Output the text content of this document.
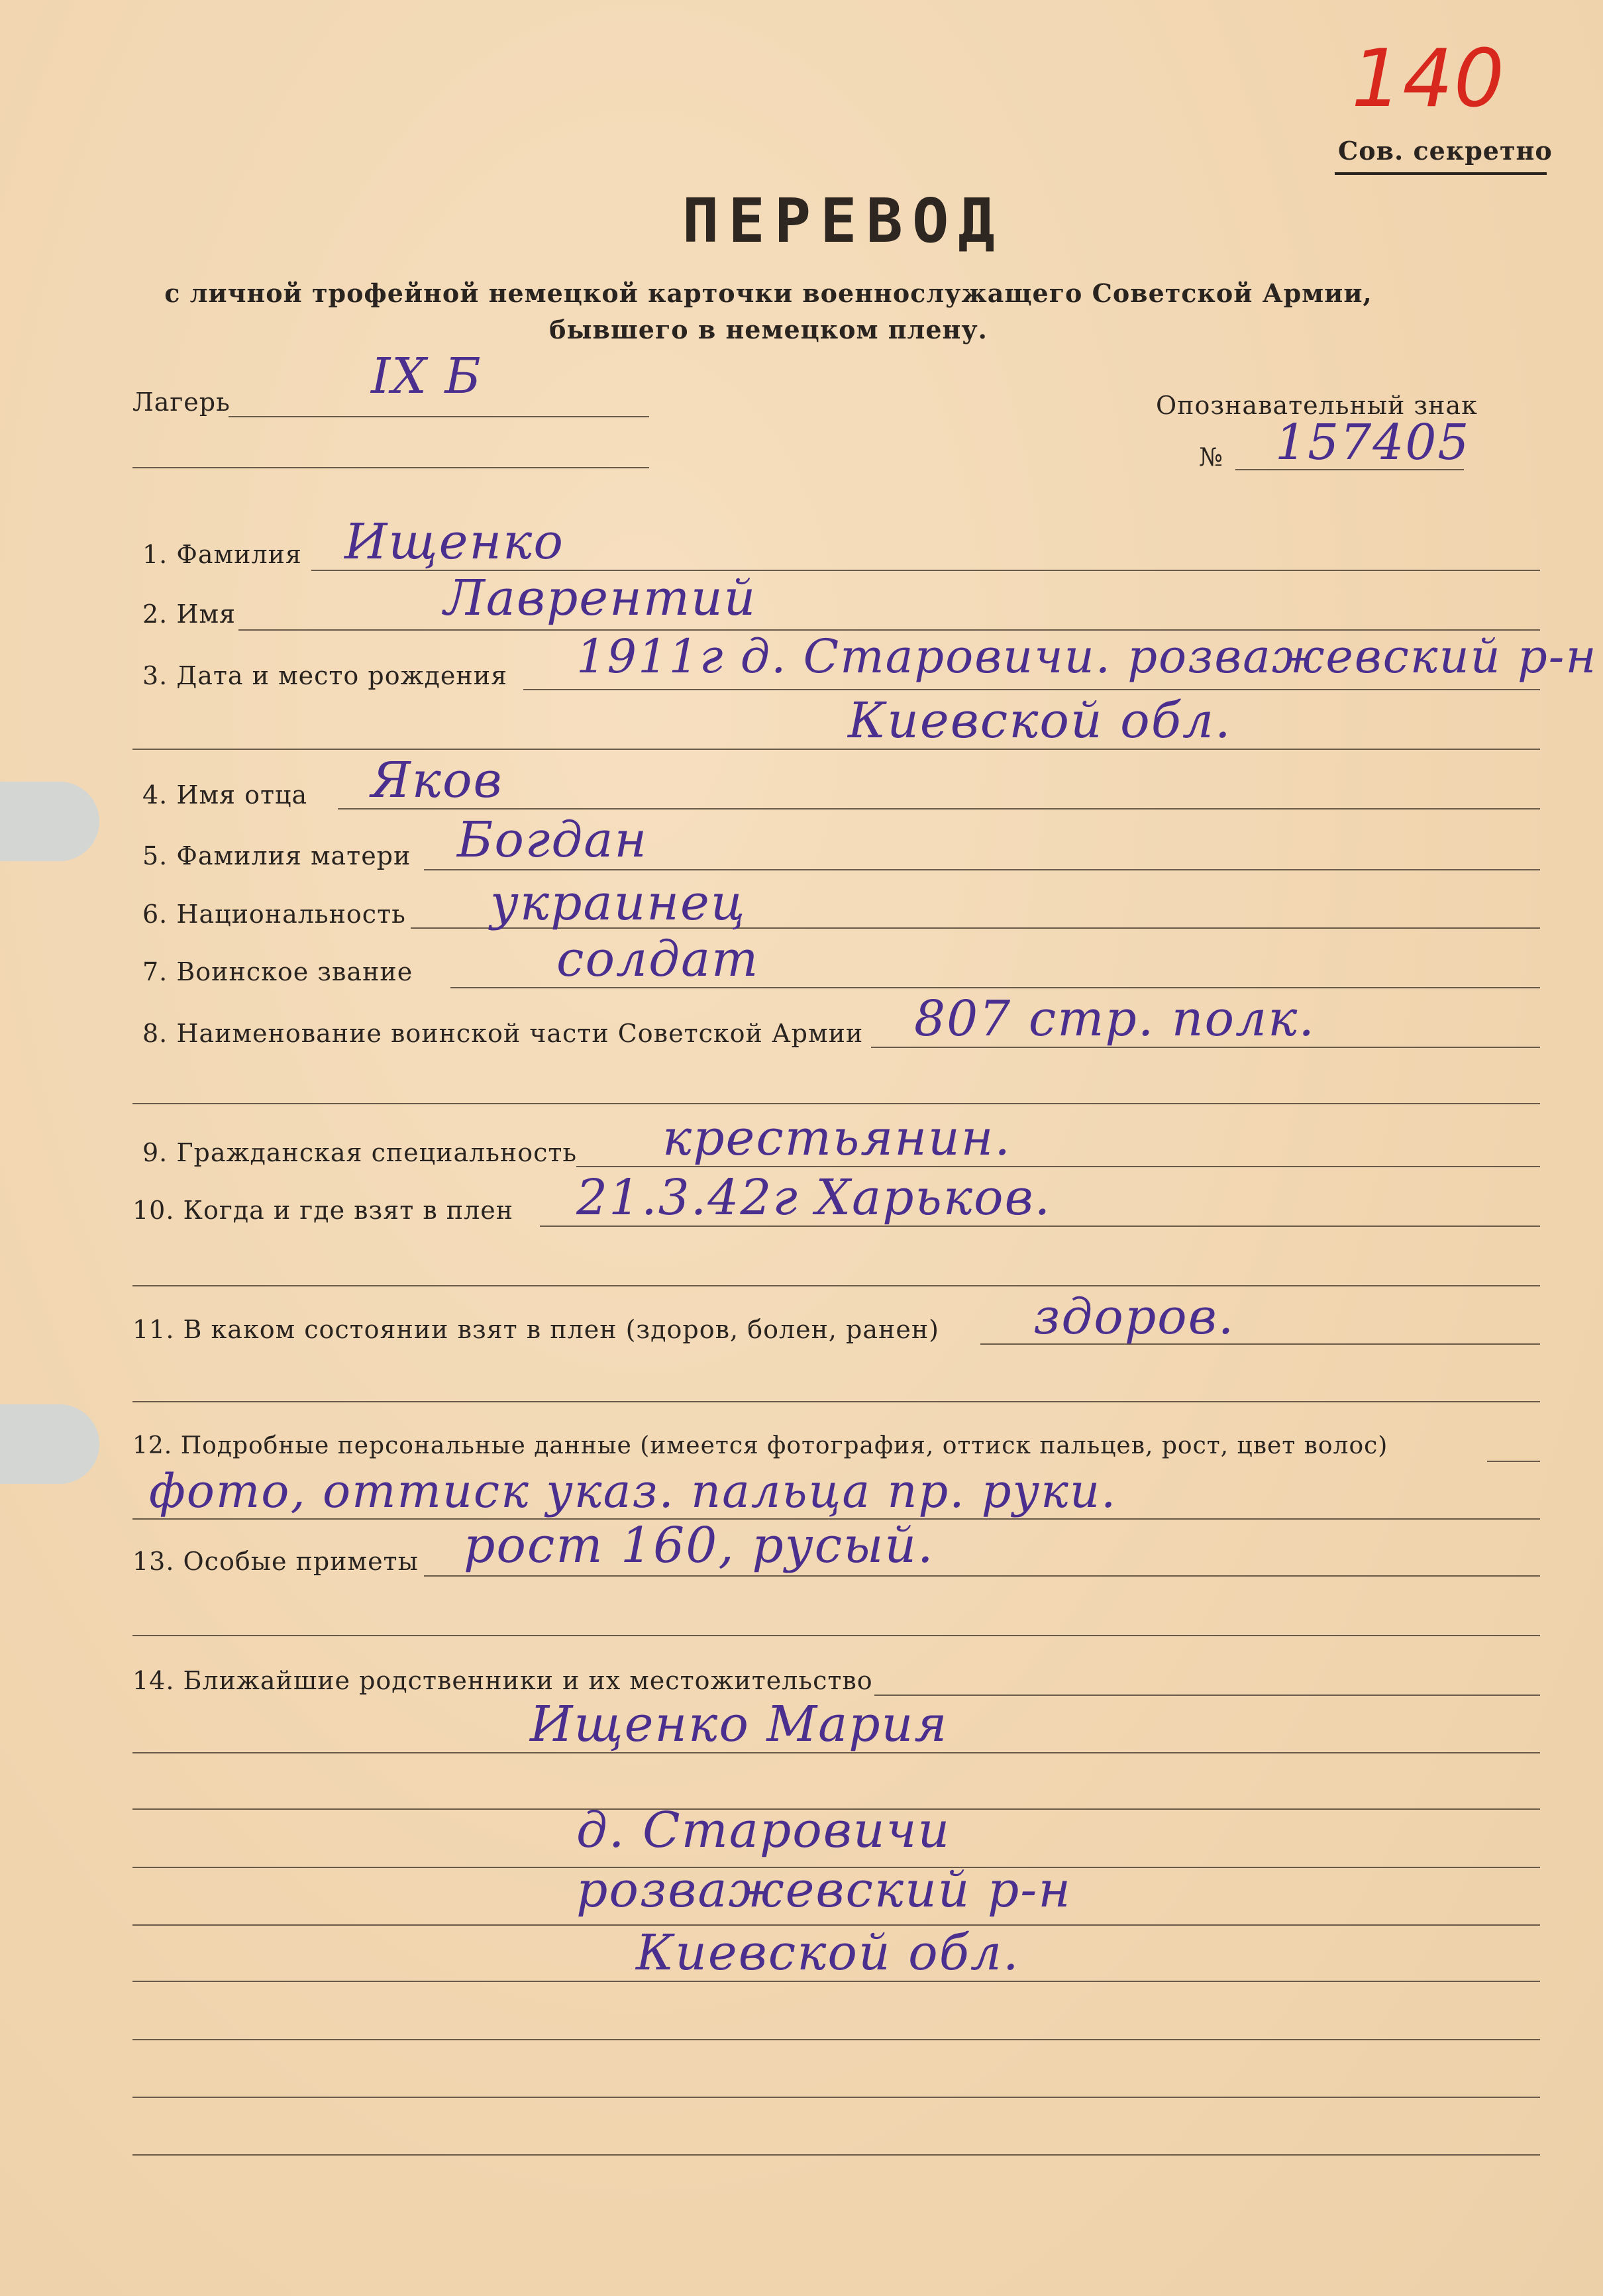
140
Сов. секретно
ПЕРЕВОД
с личной трофейной немецкой карточки военнослужащего Советской Армии,
бывшего в немецком плену.
Лагерь	IX Б
Опознавательный знак
№ 157405
1. Фамилия Ищенко
2. Имя	Лаврентий
3. Дата и место рождения 1911г д. Старовичи. розважевский р-н
Киевской обл.
4. Имя отца Яков
5. Фамилия матери Богдан
6. Национальность украинец
7. Воинское звание	солдат
8. Наименование воинской части Советской Армии 807 стр. полк.
9. Гражданская специальность крестьянин.
10. Когда и где взят в плен 21.3.42г Харьков.
11. В каком состоянии взят в плен (здоров, болен, ранен) здоров.
12. Подробные персональные данные (имеется фотография, оттиск пальцев, рост, цвет волос)
фото, оттиск указ. пальца пр. руки.
13. Особые приметы рост 160, русый.
14. Ближайшие родственники и их местожительство
Ищенко Мария
д. Старовичи
розважевский р-н
Киевской обл.
